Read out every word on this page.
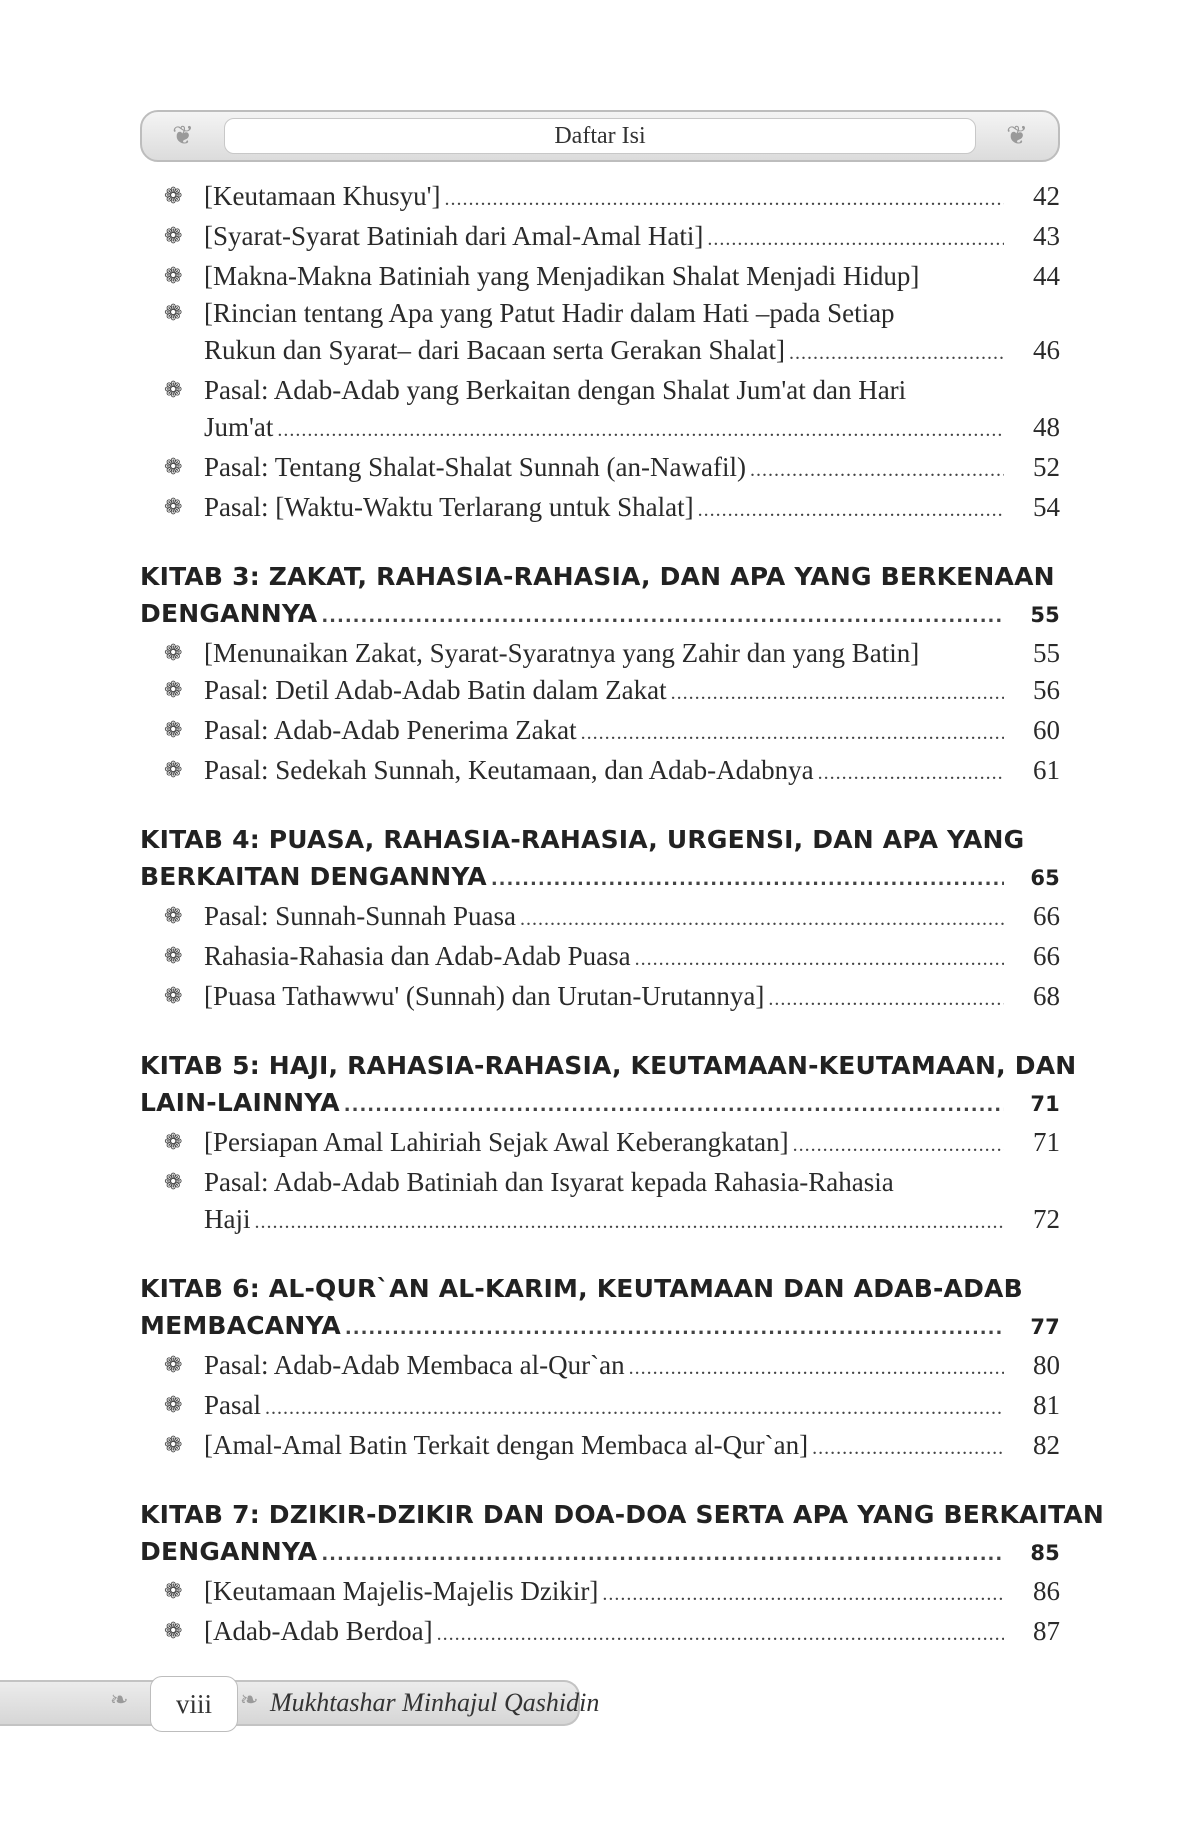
❦	Daftar Isi	❦
❁ [Keutamaan Khusyu'] .....	42
❁ [Syarat-Syarat Batiniah dari Amal-Amal Hati] .....	43
❁ [Makna-Makna Batiniah yang Menjadikan Shalat Menjadi Hidup]	44
❁ [Rincian tentang Apa yang Patut Hadir dalam Hati –pada Setiap
Rukun dan Syarat– dari Bacaan serta Gerakan Shalat] .....	46
❁ Pasal: Adab-Adab yang Berkaitan dengan Shalat Jum'at dan Hari
Jum'at .....	48
❁ Pasal: Tentang Shalat-Shalat Sunnah (an-Nawafil) .....	52
❁ Pasal: [Waktu-Waktu Terlarang untuk Shalat] .....	54
KITAB 3: ZAKAT, RAHASIA-RAHASIA, DAN APA YANG BERKENAAN
DENGANNYA .....	55
❁ [Menunaikan Zakat, Syarat-Syaratnya yang Zahir dan yang Batin]	55
❁ Pasal: Detil Adab-Adab Batin dalam Zakat .....	56
❁ Pasal: Adab-Adab Penerima Zakat .....	60
❁ Pasal: Sedekah Sunnah, Keutamaan, dan Adab-Adabnya .....	61
KITAB 4: PUASA, RAHASIA-RAHASIA, URGENSI, DAN APA YANG
BERKAITAN DENGANNYA .....	65
❁ Pasal: Sunnah-Sunnah Puasa .....	66
❁ Rahasia-Rahasia dan Adab-Adab Puasa .....	66
❁ [Puasa Tathawwu' (Sunnah) dan Urutan-Urutannya] .....	68
KITAB 5: HAJI, RAHASIA-RAHASIA, KEUTAMAAN-KEUTAMAAN, DAN
LAIN-LAINNYA .....	71
❁ [Persiapan Amal Lahiriah Sejak Awal Keberangkatan] .....	71
❁ Pasal: Adab-Adab Batiniah dan Isyarat kepada Rahasia-Rahasia
Haji .....	72
KITAB 6: AL-QUR`AN AL-KARIM, KEUTAMAAN DAN ADAB-ADAB
MEMBACANYA .....	77
❁ Pasal: Adab-Adab Membaca al-Qur`an .....	80
❁ Pasal .....	81
❁ [Amal-Amal Batin Terkait dengan Membaca al-Qur`an] .....	82
KITAB 7: DZIKIR-DZIKIR DAN DOA-DOA SERTA APA YANG BERKAITAN
DENGANNYA .....	85
❁ [Keutamaan Majelis-Majelis Dzikir] .....	86
❁ [Adab-Adab Berdoa] .....	87
❧	viii	❧ Mukhtashar Minhajul Qashidin
